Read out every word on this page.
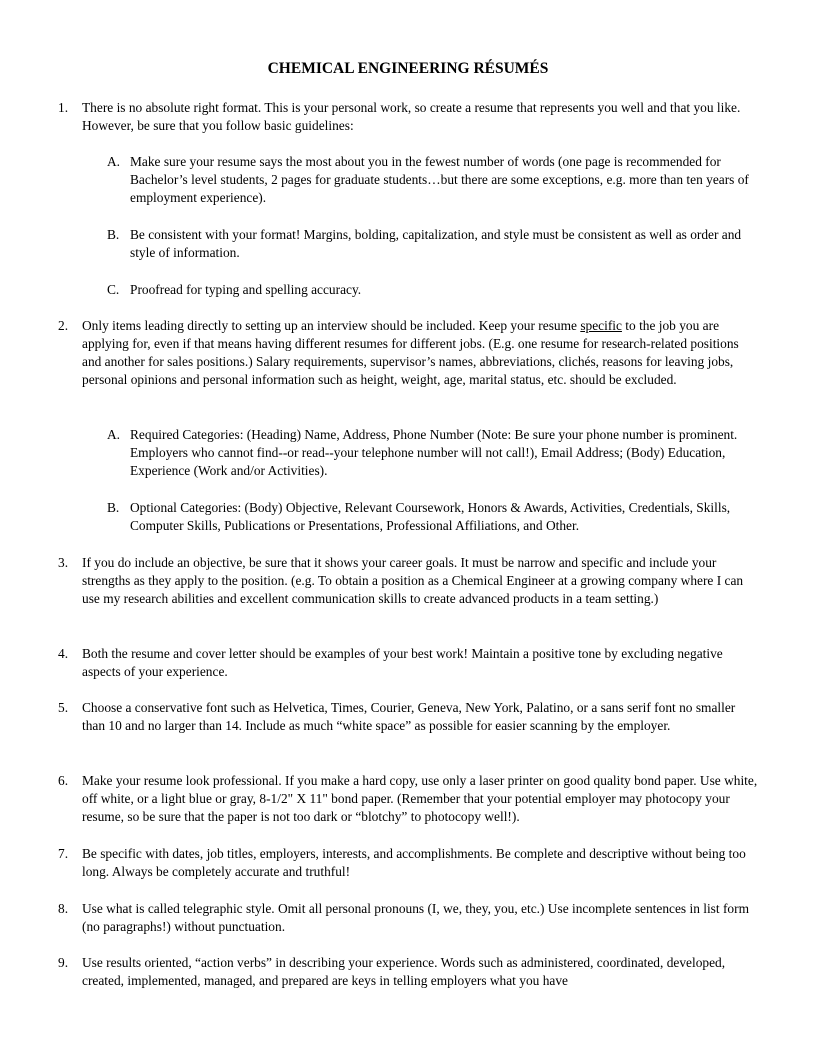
CHEMICAL ENGINEERING RÉSUMÉS
1.	There is no absolute right format. This is your personal work, so create a resume that represents you well and that you like. However, be sure that you follow basic guidelines:
A. Make sure your resume says the most about you in the fewest number of words (one page is recommended for Bachelor’s level students, 2 pages for graduate students…but there are some exceptions, e.g. more than ten years of employment experience).
B. Be consistent with your format! Margins, bolding, capitalization, and style must be consistent as well as order and style of information.
C. Proofread for typing and spelling accuracy.
2.	Only items leading directly to setting up an interview should be included. Keep your resume specific to the job you are applying for, even if that means having different resumes for different jobs. (E.g. one resume for research-related positions and another for sales positions.) Salary requirements, supervisor’s names, abbreviations, clichés, reasons for leaving jobs, personal opinions and personal information such as height, weight, age, marital status, etc. should be excluded.
A. Required Categories: (Heading) Name, Address, Phone Number (Note: Be sure your phone number is prominent. Employers who cannot find--or read--your telephone number will not call!), Email Address; (Body) Education, Experience (Work and/or Activities).
B. Optional Categories: (Body) Objective, Relevant Coursework, Honors & Awards, Activities, Credentials, Skills, Computer Skills, Publications or Presentations, Professional Affiliations, and Other.
3.	If you do include an objective, be sure that it shows your career goals. It must be narrow and specific and include your strengths as they apply to the position. (e.g. To obtain a position as a Chemical Engineer at a growing company where I can use my research abilities and excellent communication skills to create advanced products in a team setting.)
4.	Both the resume and cover letter should be examples of your best work! Maintain a positive tone by excluding negative aspects of your experience.
5.	Choose a conservative font such as Helvetica, Times, Courier, Geneva, New York, Palatino, or a sans serif font no smaller than 10 and no larger than 14. Include as much “white space” as possible for easier scanning by the employer.
6.	Make your resume look professional. If you make a hard copy, use only a laser printer on good quality bond paper. Use white, off white, or a light blue or gray, 8-1/2" X 11" bond paper. (Remember that your potential employer may photocopy your resume, so be sure that the paper is not too dark or “blotchy” to photocopy well!).
7.	Be specific with dates, job titles, employers, interests, and accomplishments. Be complete and descriptive without being too long. Always be completely accurate and truthful!
8.	Use what is called telegraphic style. Omit all personal pronouns (I, we, they, you, etc.) Use incomplete sentences in list form (no paragraphs!) without punctuation.
9.	Use results oriented, “action verbs” in describing your experience. Words such as administered, coordinated, developed, created, implemented, managed, and prepared are keys in telling employers what you have
